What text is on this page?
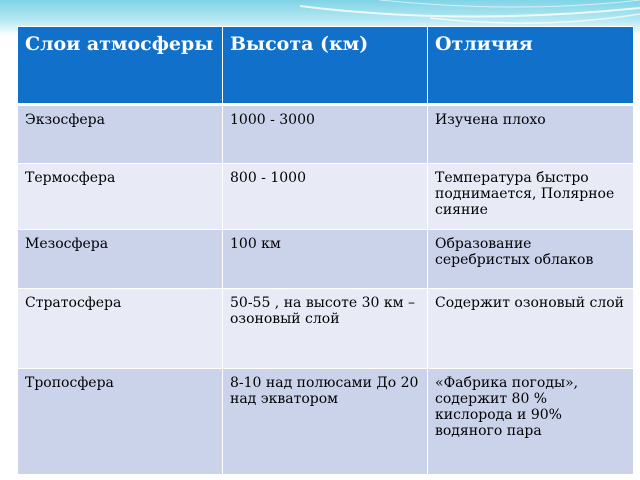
Слои атмосферы	Высота (км)	Отличия
Экзосфера	1000 - 3000	Изучена плохо
Термосфера	800 - 1000	Температура быстро поднимается, Полярное сияние
Мезосфера	100 км	Образование серебристых облаков
Стратосфера	50-55 , на высоте 30 км – озоновый слой	Содержит озоновый слой
Тропосфера	8-10 над полюсами До 20 над экватором	«Фабрика погоды», содержит 80 % кислорода и 90% водяного пара
